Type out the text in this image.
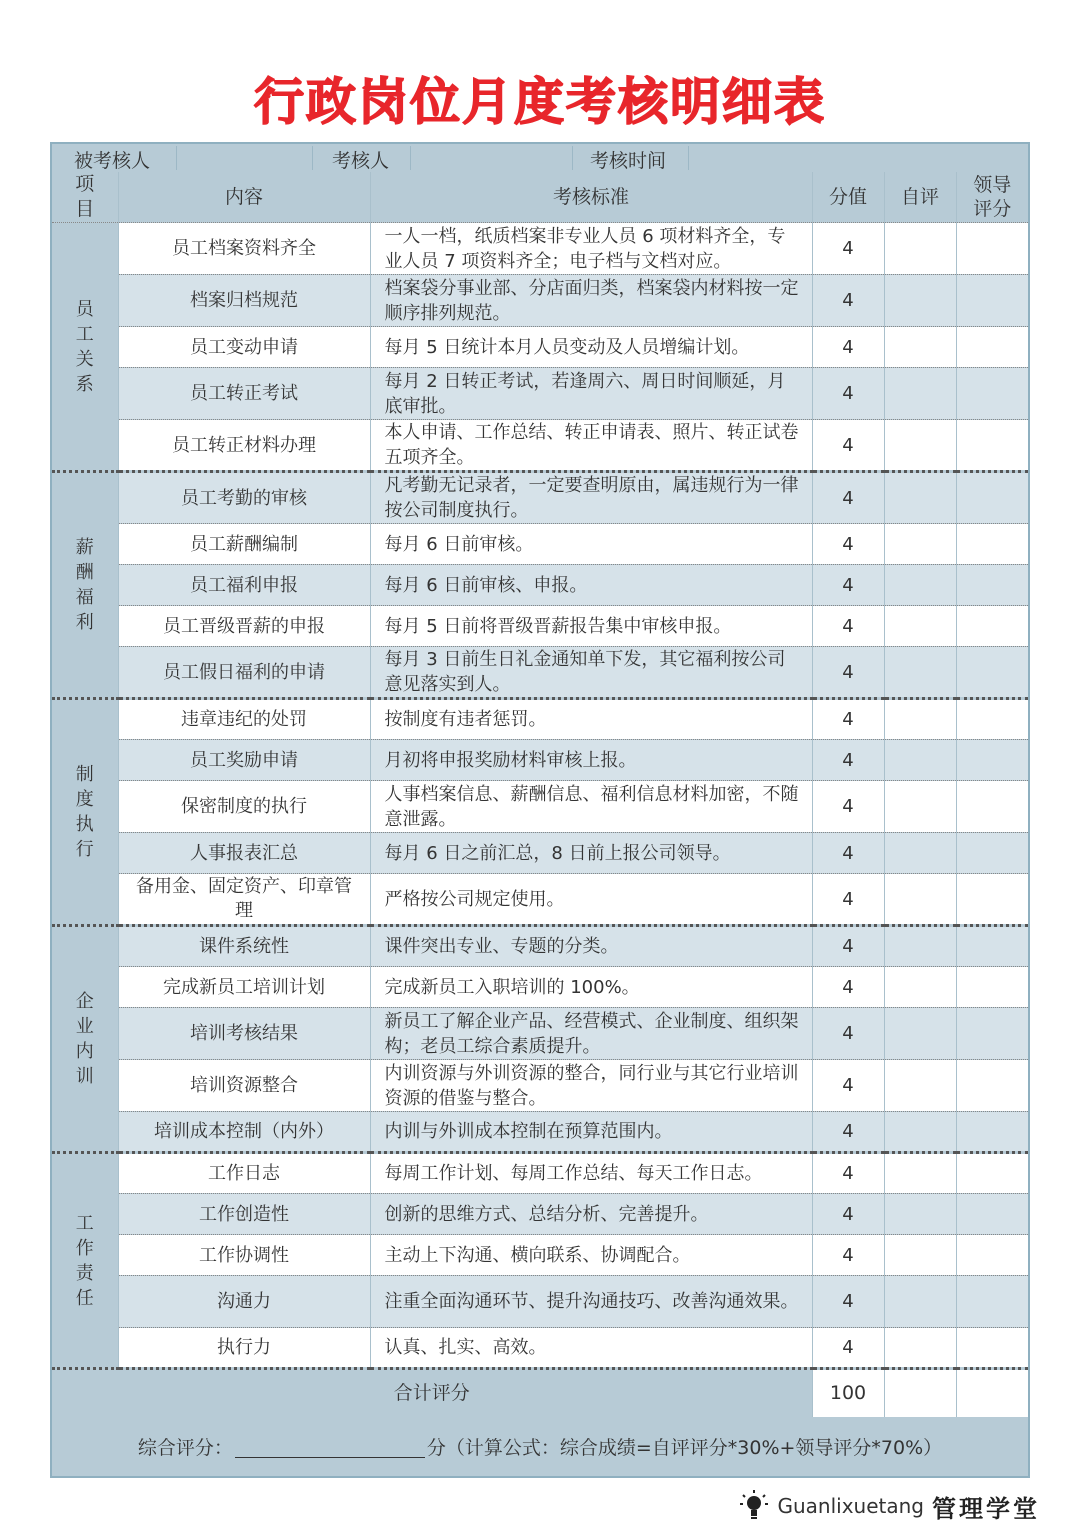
行政岗位月度考核明细表
被考核人	考核人	考核时间
项
目	内容	考核标准	分值	自评	领导
评分
员
工
关
系	员工档案资料齐全	一人一档，纸质档案非专业人员 6 项材料齐全，专业人员 7 项资料齐全；电子档与文档对应。	4		
	档案归档规范	档案袋分事业部、分店面归类，档案袋内材料按一定顺序排列规范。	4		
	员工变动申请	每月 5 日统计本月人员变动及人员增编计划。	4		
	员工转正考试	每月 2 日转正考试，若逢周六、周日时间顺延，月底审批。	4		
	员工转正材料办理	本人申请、工作总结、转正申请表、照片、转正试卷五项齐全。	4		
薪
酬
福
利	员工考勤的审核	凡考勤无记录者，一定要查明原由，属违规行为一律按公司制度执行。	4		
	员工薪酬编制	每月 6 日前审核。	4		
	员工福利申报	每月 6 日前审核、申报。	4		
	员工晋级晋薪的申报	每月 5 日前将晋级晋薪报告集中审核申报。	4		
	员工假日福利的申请	每月 3 日前生日礼金通知单下发，其它福利按公司意见落实到人。	4		
制
度
执
行	违章违纪的处罚	按制度有违者惩罚。	4		
	员工奖励申请	月初将申报奖励材料审核上报。	4		
	保密制度的执行	人事档案信息、薪酬信息、福利信息材料加密，不随意泄露。	4		
	人事报表汇总	每月 6 日之前汇总，8 日前上报公司领导。	4		
	备用金、固定资产、印章管理	严格按公司规定使用。	4		
企
业
内
训	课件系统性	课件突出专业、专题的分类。	4		
	完成新员工培训计划	完成新员工入职培训的 100%。	4		
	培训考核结果	新员工了解企业产品、经营模式、企业制度、组织架构；老员工综合素质提升。	4		
	培训资源整合	内训资源与外训资源的整合，同行业与其它行业培训资源的借鉴与整合。	4		
	培训成本控制（内外）	内训与外训成本控制在预算范围内。	4		
工
作
责
任	工作日志	每周工作计划、每周工作总结、每天工作日志。	4		
	工作创造性	创新的思维方式、总结分析、完善提升。	4		
	工作协调性	主动上下沟通、横向联系、协调配合。	4		
	沟通力	注重全面沟通环节、提升沟通技巧、改善沟通效果。	4		
	执行力	认真、扎实、高效。	4		
合计评分			100		
综合评分：	分（计算公式：综合成绩=自评评分*30%+领导评分*70%）
Guanlixuetang 管理学堂
